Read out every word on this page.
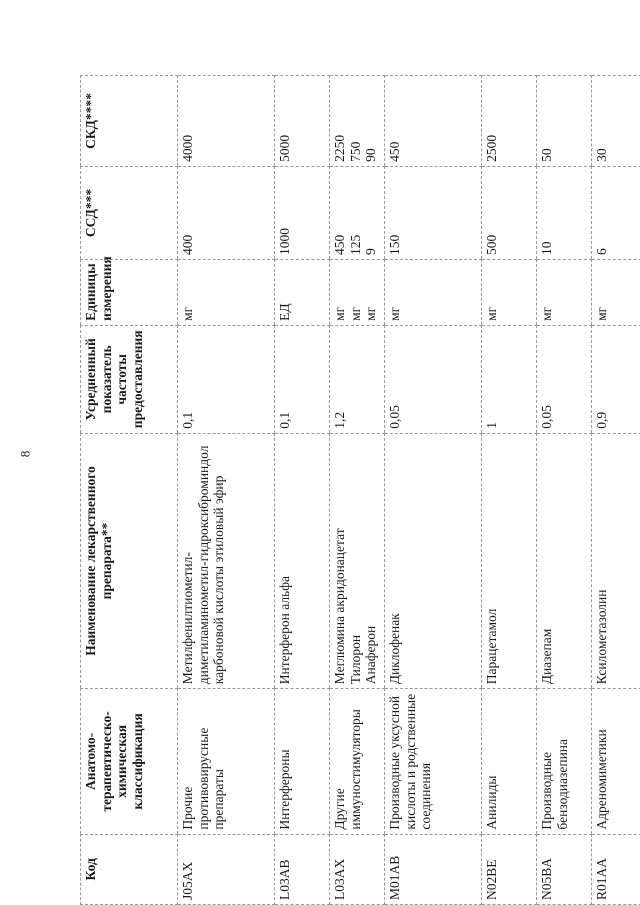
8
Код	Анатомо-терапевтическо-химическая классификация	Наименование лекарственного препарата**	Усредненный показатель частоты предоставления	Единицы измерения	ССД***	СКД****
J05AX	Прочие противовирусные препараты	Метилфенилтиометил-диметиламинометил-гидроксиброминдол карбоновой кислоты этиловый эфир	0,1	мг	400	4000
L03AB	Интерфероны	Интерферон альфа	0,1	ЕД	1000	5000
L03AX	Другие иммуностимуляторы	Меглюмина акридонацетат Тилорон Анаферон	1,2	мг мг мг	450 125 9	2250 750 90

M01AB	Производные уксусной кислоты и родственные соединения	Диклофенак	0,05	мг	150	450
N02BE	Анилиды	Парацетамол	1	мг	500	2500
N05BA	Производные бензодиазепина	Диазепам	0,05	мг	10	50
R01AA	Адреномиметики	Ксилометазолин	0,9	мг	6	30
